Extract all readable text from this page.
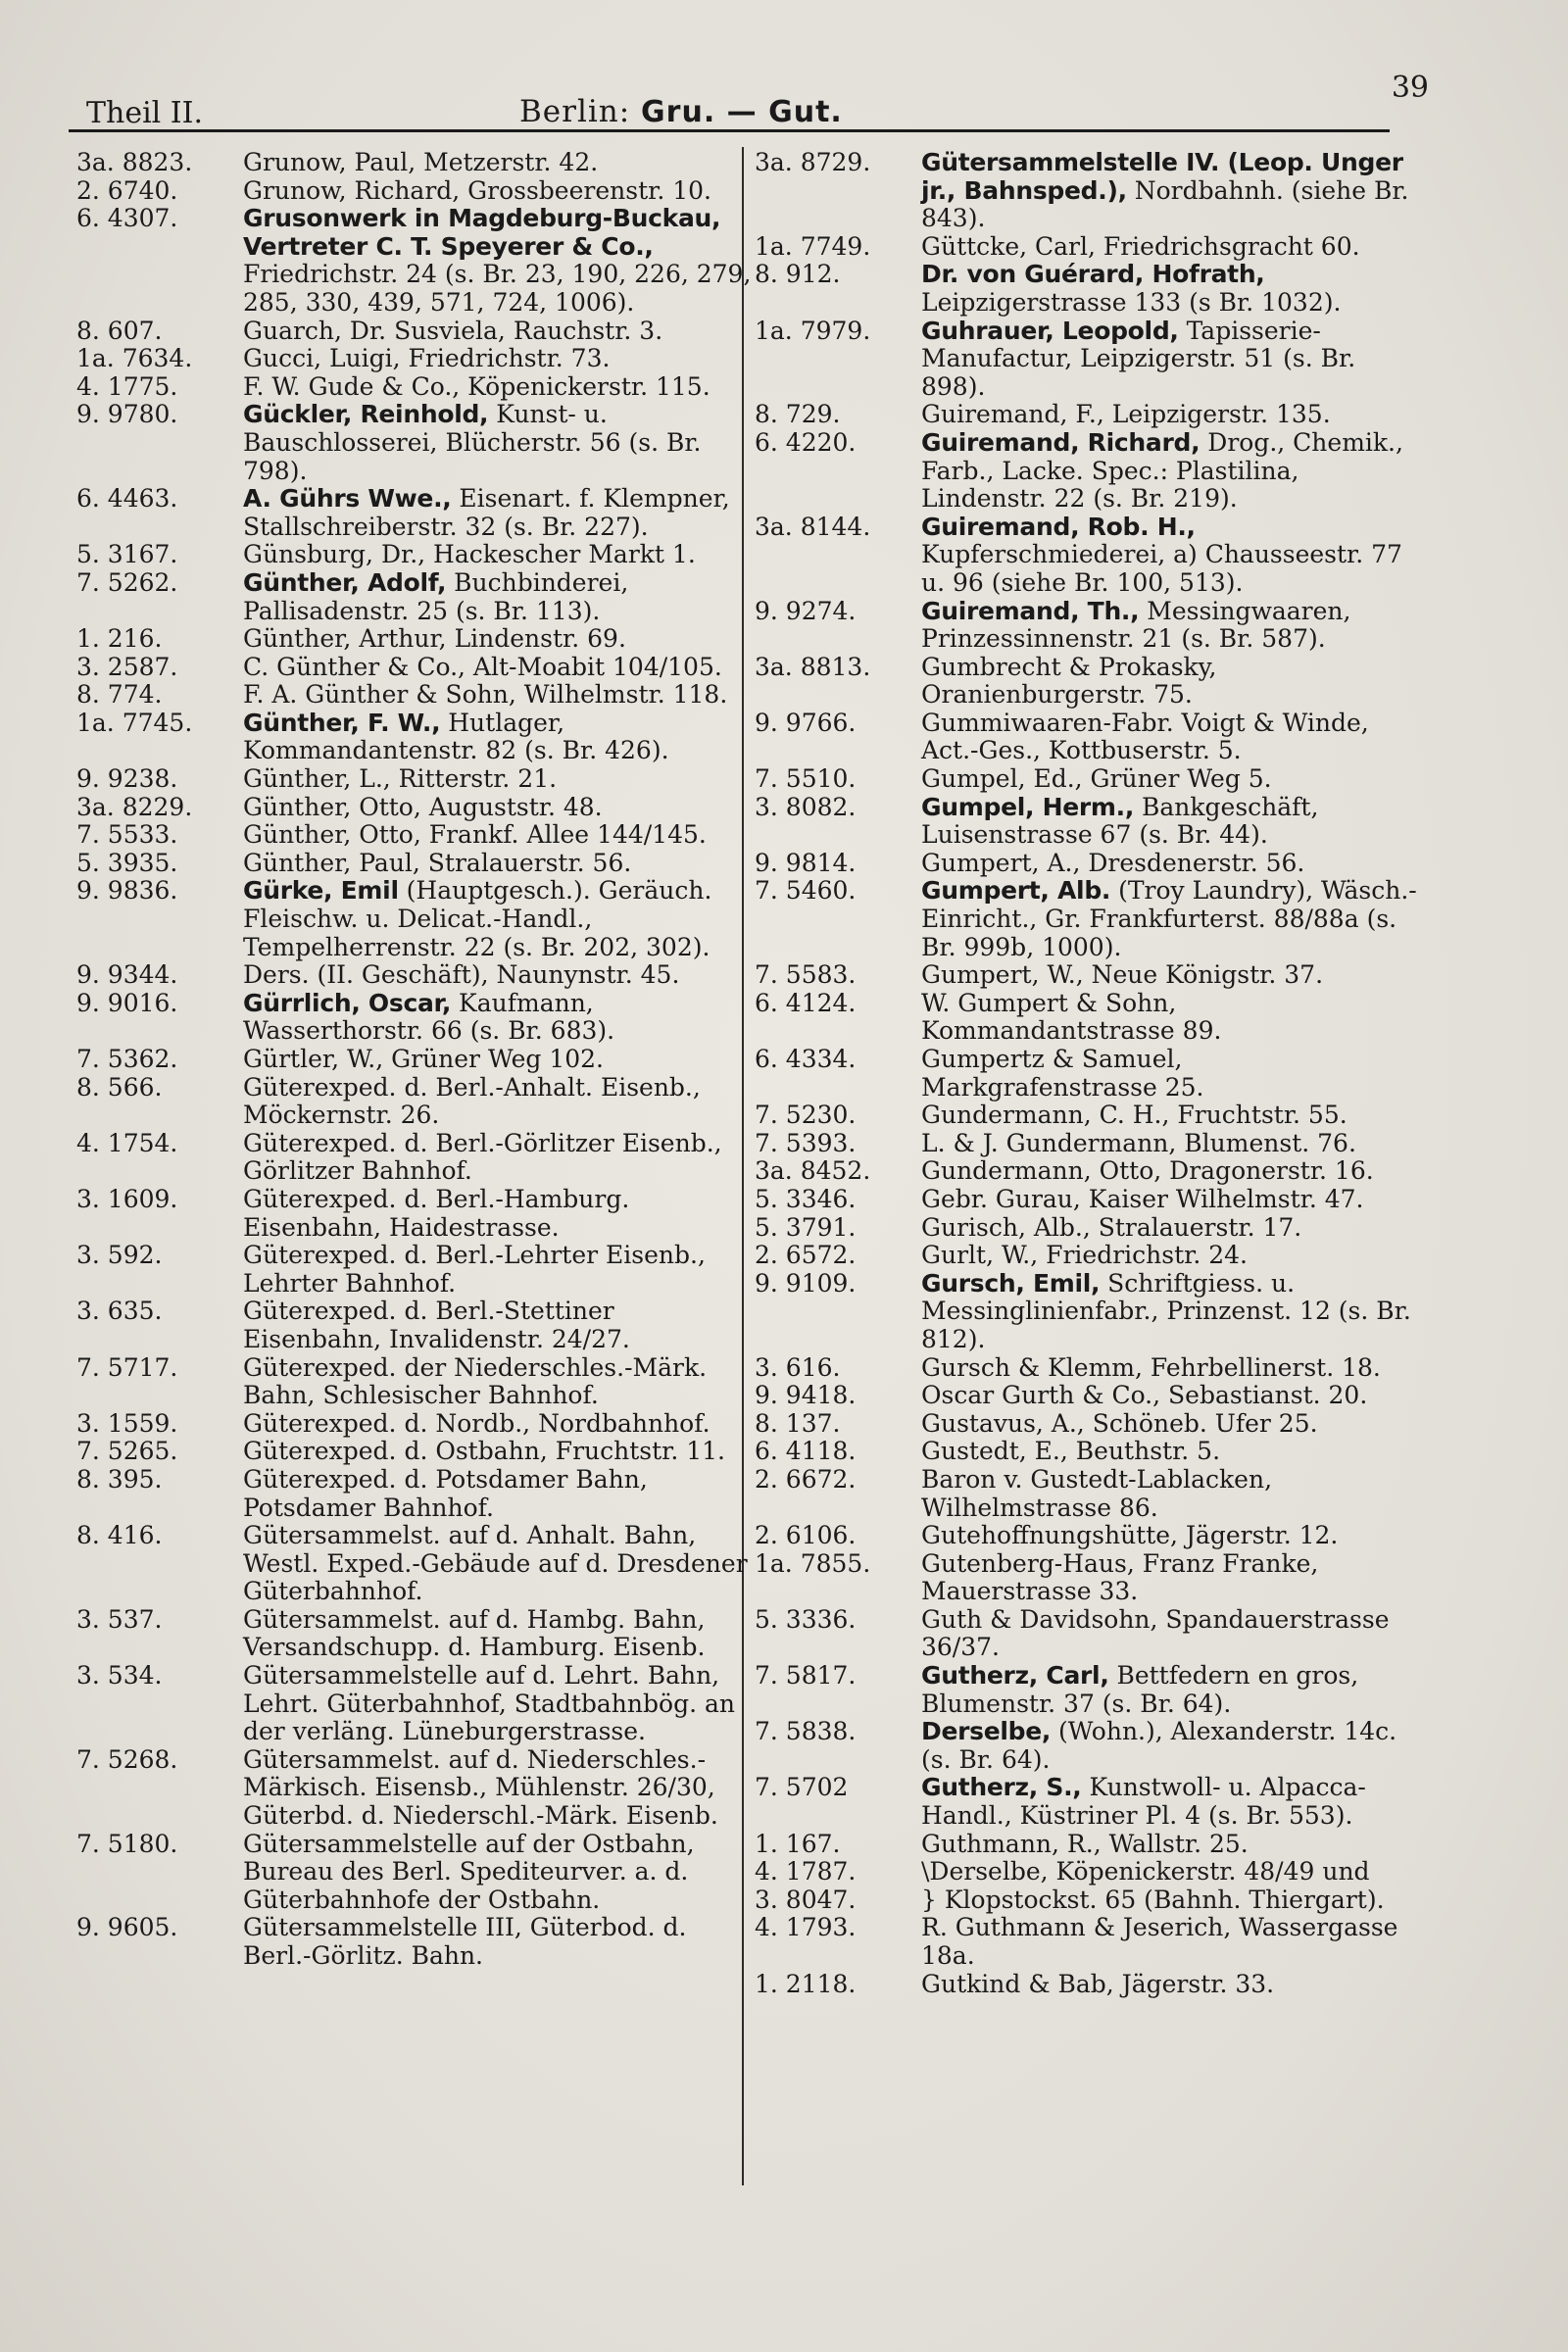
Theil II.	Berlin: Gru. — Gut.
39
3a. 8823.	Grunow, Paul, Metzerstr. 42.
2. 6740.	Grunow, Richard, Grossbeerenstr. 10.
6. 4307.	Grusonwerk in Magdeburg-Buckau, Vertreter C. T. Speyerer & Co., Friedrichstr. 24 (s. Br. 23, 190, 226, 279, 285, 330, 439, 571, 724, 1006).
8. 607.	Guarch, Dr. Susviela, Rauchstr. 3.
1a. 7634.	Gucci, Luigi, Friedrichstr. 73.
4. 1775.	F. W. Gude & Co., Köpenickerstr. 115.
9. 9780.	Gückler, Reinhold, Kunst- u. Bauschlosserei, Blücherstr. 56 (s. Br. 798).
6. 4463.	A. Gührs Wwe., Eisenart. f. Klempner, Stallschreiberstr. 32 (s. Br. 227).
5. 3167.	Günsburg, Dr., Hackescher Markt 1.
7. 5262.	Günther, Adolf, Buchbinderei, Pallisadenstr. 25 (s. Br. 113).
1. 216.	Günther, Arthur, Lindenstr. 69.
3. 2587.	C. Günther & Co., Alt-Moabit 104/105.
8. 774.	F. A. Günther & Sohn, Wilhelmstr. 118.
1a. 7745.	Günther, F. W., Hutlager, Kommandantenstr. 82 (s. Br. 426).
9. 9238.	Günther, L., Ritterstr. 21.
3a. 8229.	Günther, Otto, Auguststr. 48.
7. 5533.	Günther, Otto, Frankf. Allee 144/145.
5. 3935.	Günther, Paul, Stralauerstr. 56.
9. 9836.	Gürke, Emil (Hauptgesch.). Geräuch. Fleischw. u. Delicat.-Handl., Tempelherrenstr. 22 (s. Br. 202, 302).
9. 9344.	Ders. (II. Geschäft), Naunynstr. 45.
9. 9016.	Gürrlich, Oscar, Kaufmann, Wasserthorstr. 66 (s. Br. 683).
7. 5362.	Gürtler, W., Grüner Weg 102.
8. 566.	Güterexped. d. Berl.-Anhalt. Eisenb., Möckernstr. 26.
4. 1754.	Güterexped. d. Berl.-Görlitzer Eisenb., Görlitzer Bahnhof.
3. 1609.	Güterexped. d. Berl.-Hamburg. Eisenbahn, Haidestrasse.
3. 592.	Güterexped. d. Berl.-Lehrter Eisenb., Lehrter Bahnhof.
3. 635.	Güterexped. d. Berl.-Stettiner Eisenbahn, Invalidenstr. 24/27.
7. 5717.	Güterexped. der Niederschles.-Märk. Bahn, Schlesischer Bahnhof.
3. 1559.	Güterexped. d. Nordb., Nordbahnhof.
7. 5265.	Güterexped. d. Ostbahn, Fruchtstr. 11.
8. 395.	Güterexped. d. Potsdamer Bahn, Potsdamer Bahnhof.
8. 416.	Gütersammelst. auf d. Anhalt. Bahn, Westl. Exped.-Gebäude auf d. Dresdener Güterbahnhof.
3. 537.	Gütersammelst. auf d. Hambg. Bahn, Versandschupp. d. Hamburg. Eisenb.
3. 534.	Gütersammelstelle auf d. Lehrt. Bahn, Lehrt. Güterbahnhof, Stadtbahnbög. an der verläng. Lüneburgerstrasse.
7. 5268.	Gütersammelst. auf d. Niederschles.-Märkisch. Eisensb., Mühlenstr. 26/30, Güterbd. d. Niederschl.-Märk. Eisenb.
7. 5180.	Gütersammelstelle auf der Ostbahn, Bureau des Berl. Spediteurver. a. d. Güterbahnhofe der Ostbahn.
9. 9605.	Gütersammelstelle III, Güterbod. d. Berl.-Görlitz. Bahn.
3a. 8729.	Gütersammelstelle IV. (Leop. Unger jr., Bahnsped.), Nordbahnh. (siehe Br. 843).
1a. 7749.	Güttcke, Carl, Friedrichsgracht 60.
8. 912.	Dr. von Guérard, Hofrath, Leipzigerstrasse 133 (s Br. 1032).
1a. 7979.	Guhrauer, Leopold, Tapisserie-Manufactur, Leipzigerstr. 51 (s. Br. 898).
8. 729.	Guiremand, F., Leipzigerstr. 135.
6. 4220.	Guiremand, Richard, Drog., Chemik., Farb., Lacke. Spec.: Plastilina, Lindenstr. 22 (s. Br. 219).
3a. 8144.	Guiremand, Rob. H., Kupferschmiederei, a) Chausseestr. 77 u. 96 (siehe Br. 100, 513).
9. 9274.	Guiremand, Th., Messingwaaren, Prinzessinnenstr. 21 (s. Br. 587).
3a. 8813.	Gumbrecht & Prokasky, Oranienburgerstr. 75.
9. 9766.	Gummiwaaren-Fabr. Voigt & Winde, Act.-Ges., Kottbuserstr. 5.
7. 5510.	Gumpel, Ed., Grüner Weg 5.
3. 8082.	Gumpel, Herm., Bankgeschäft, Luisenstrasse 67 (s. Br. 44).
9. 9814.	Gumpert, A., Dresdenerstr. 56.
7. 5460.	Gumpert, Alb. (Troy Laundry), Wäsch.-Einricht., Gr. Frankfurterst. 88/88a (s. Br. 999b, 1000).
7. 5583.	Gumpert, W., Neue Königstr. 37.
6. 4124.	W. Gumpert & Sohn, Kommandantstrasse 89.
6. 4334.	Gumpertz & Samuel, Markgrafenstrasse 25.
7. 5230.	Gundermann, C. H., Fruchtstr. 55.
7. 5393.	L. & J. Gundermann, Blumenst. 76.
3a. 8452.	Gundermann, Otto, Dragonerstr. 16.
5. 3346.	Gebr. Gurau, Kaiser Wilhelmstr. 47.
5. 3791.	Gurisch, Alb., Stralauerstr. 17.
2. 6572.	Gurlt, W., Friedrichstr. 24.
9. 9109.	Gursch, Emil, Schriftgiess. u. Messinglinienfabr., Prinzenst. 12 (s. Br. 812).
3. 616.	Gursch & Klemm, Fehrbellinerst. 18.
9. 9418.	Oscar Gurth & Co., Sebastianst. 20.
8. 137.	Gustavus, A., Schöneb. Ufer 25.
6. 4118.	Gustedt, E., Beuthstr. 5.
2. 6672.	Baron v. Gustedt-Lablacken, Wilhelmstrasse 86.
2. 6106.	Gutehoffnungshütte, Jägerstr. 12.
1a. 7855.	Gutenberg-Haus, Franz Franke, Mauerstrasse 33.
5. 3336.	Guth & Davidsohn, Spandauerstrasse 36/37.
7. 5817.	Gutherz, Carl, Bettfedern en gros, Blumenstr. 37 (s. Br. 64).
7. 5838.	Derselbe, (Wohn.), Alexanderstr. 14c. (s. Br. 64).
7. 5702	Gutherz, S., Kunstwoll- u. Alpacca-Handl., Küstriner Pl. 4 (s. Br. 553).
1. 167.	Guthmann, R., Wallstr. 25.
4. 1787.	\Derselbe, Köpenickerstr. 48/49 und
3. 8047.	} Klopstockst. 65 (Bahnh. Thiergart).
4. 1793.	R. Guthmann & Jeserich, Wassergasse 18a.
1. 2118.	Gutkind & Bab, Jägerstr. 33.
